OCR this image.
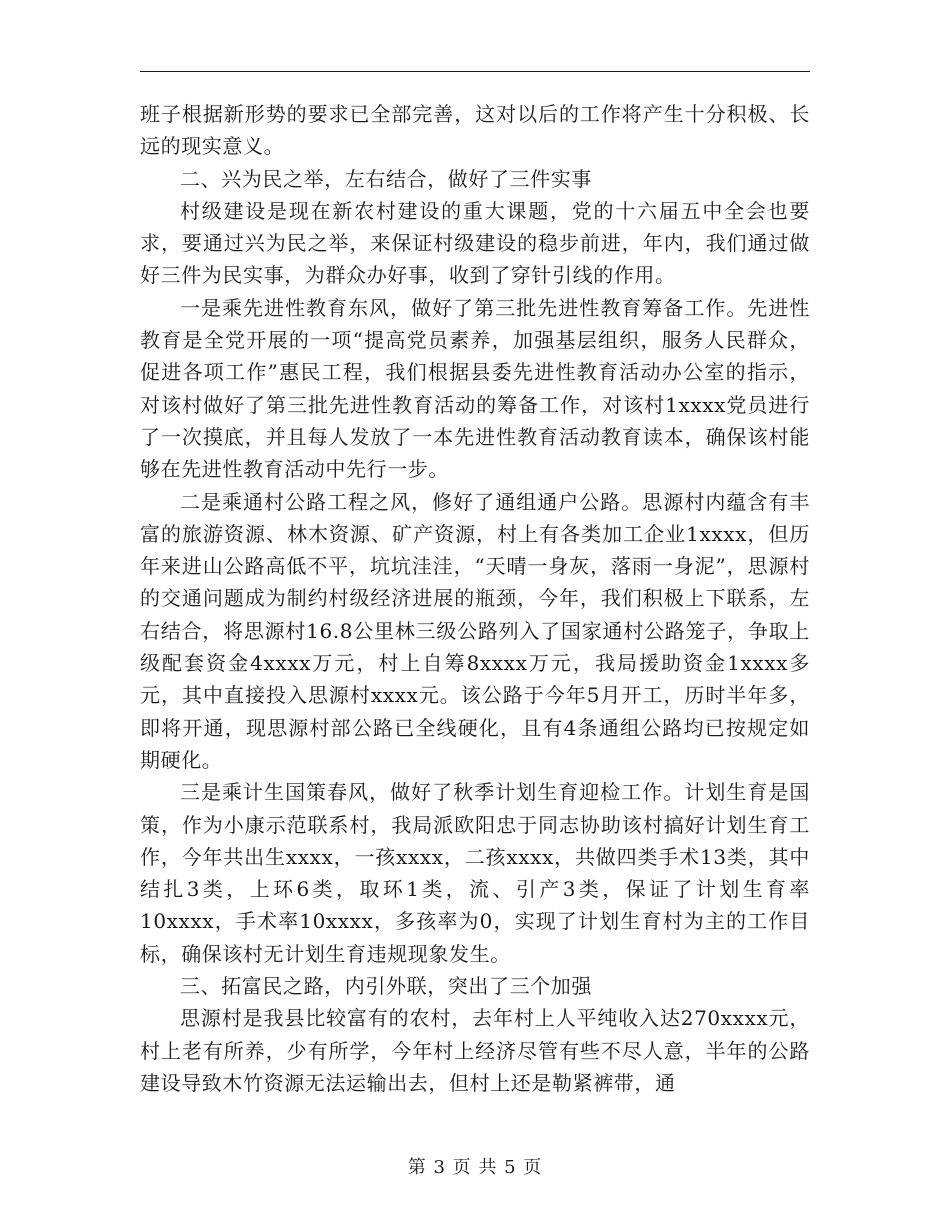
班子根据新形势的要求已全部完善，这对以后的工作将产生十分积极、长远的现实意义。

二、兴为民之举，左右结合，做好了三件实事

村级建设是现在新农村建设的重大课题，党的十六届五中全会也要求，要通过兴为民之举，来保证村级建设的稳步前进，年内，我们通过做好三件为民实事，为群众办好事，收到了穿针引线的作用。

一是乘先进性教育东风，做好了第三批先进性教育筹备工作。先进性教育是全党开展的一项“提高党员素养，加强基层组织，服务人民群众，促进各项工作”惠民工程，我们根据县委先进性教育活动办公室的指示，对该村做好了第三批先进性教育活动的筹备工作，对该村1xxxx党员进行了一次摸底，并且每人发放了一本先进性教育活动教育读本，确保该村能够在先进性教育活动中先行一步。

二是乘通村公路工程之风，修好了通组通户公路。思源村内蕴含有丰富的旅游资源、林木资源、矿产资源，村上有各类加工企业1xxxx，但历年来进山公路高低不平，坑坑洼洼，“天晴一身灰，落雨一身泥”，思源村的交通问题成为制约村级经济进展的瓶颈，今年，我们积极上下联系，左右结合，将思源村16.8公里林三级公路列入了国家通村公路笼子，争取上级配套资金4xxxx万元，村上自筹8xxxx万元，我局援助资金1xxxx多元，其中直接投入思源村xxxx元。该公路于今年5月开工，历时半年多，即将开通，现思源村部公路已全线硬化，且有4条通组公路均已按规定如期硬化。

三是乘计生国策春风，做好了秋季计划生育迎检工作。计划生育是国策，作为小康示范联系村，我局派欧阳忠于同志协助该村搞好计划生育工作，今年共出生xxxx，一孩xxxx，二孩xxxx，共做四类手术13类，其中结扎3类，上环6类，取环1类，流、引产3类，保证了计划生育率10xxxx，手术率10xxxx，多孩率为0，实现了计划生育村为主的工作目标，确保该村无计划生育违规现象发生。

三、拓富民之路，内引外联，突出了三个加强

思源村是我县比较富有的农村，去年村上人平纯收入达270xxxx元，村上老有所养，少有所学，今年村上经济尽管有些不尽人意，半年的公路建设导致木竹资源无法运输出去，但村上还是勒紧裤带，通

第 3 页 共 5 页
